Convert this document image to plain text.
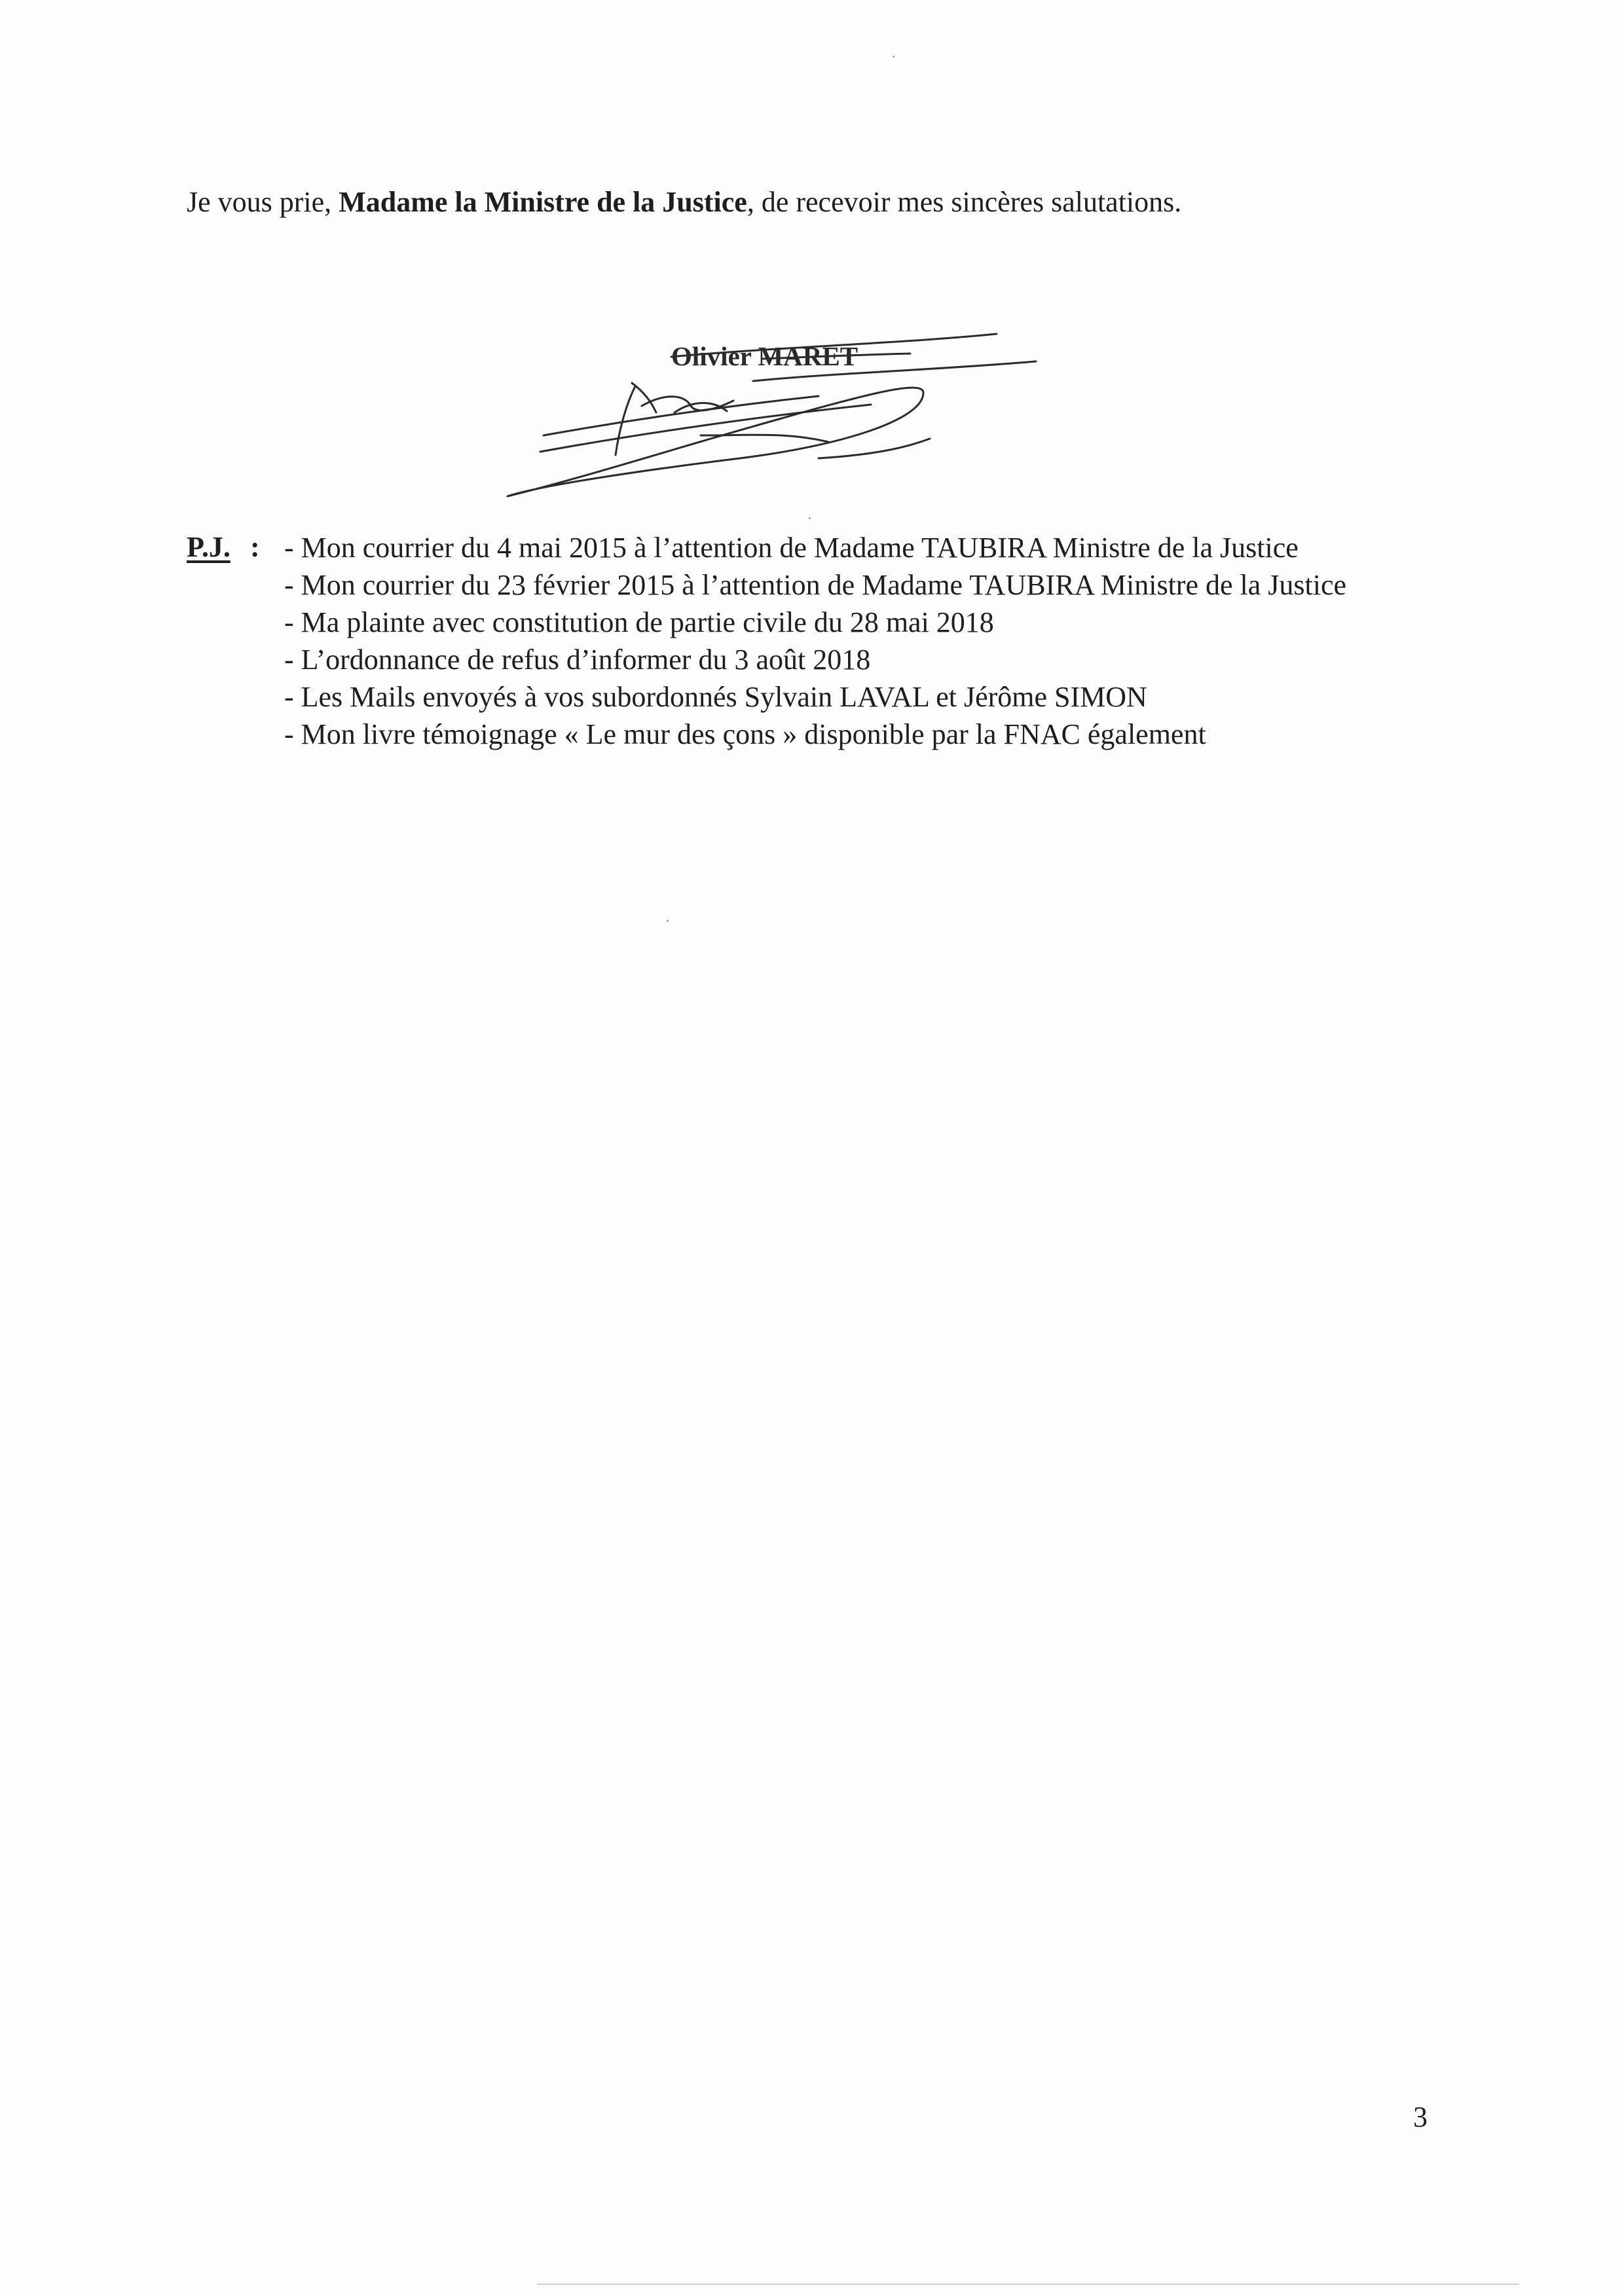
Je vous prie, Madame la Ministre de la Justice, de recevoir mes sincères salutations.

Olivier MARET
P.J. : - Mon courrier du 4 mai 2015 à l’attention de Madame TAUBIRA Ministre de la Justice
- Mon courrier du 23 février 2015 à l’attention de Madame TAUBIRA Ministre de la Justice
- Ma plainte avec constitution de partie civile du 28 mai 2018
- L’ordonnance de refus d’informer du 3 août 2018
- Les Mails envoyés à vos subordonnés Sylvain LAVAL et Jérôme SIMON
- Mon livre témoignage « Le mur des çons » disponible par la FNAC également
3
